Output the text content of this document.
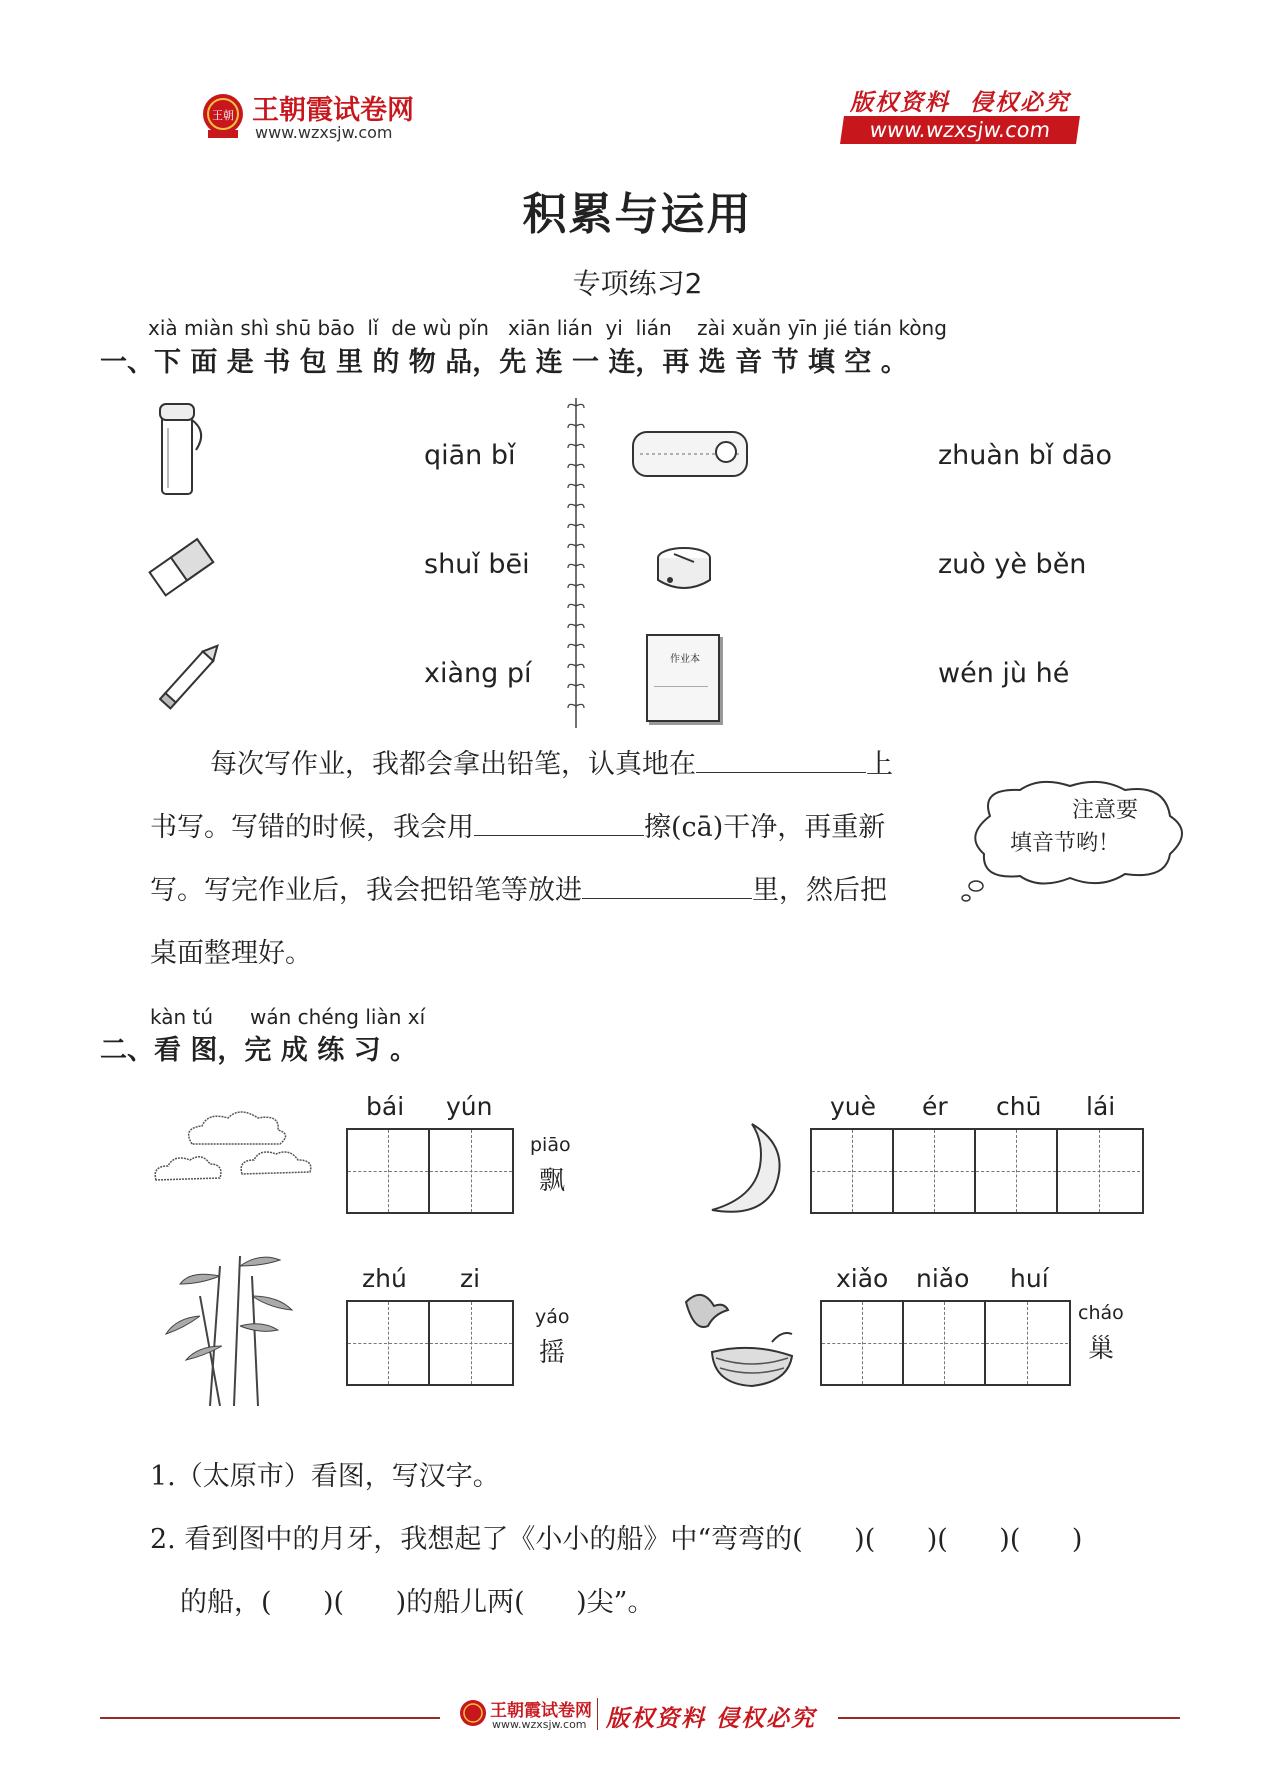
王朝 王朝霞试卷网
www.wzxsjw.com
版权资料  侵权必究
www.wzxsjw.com
积累与运用
专项练习2
xià miàn shì shū bāo lǐ de wù pǐn xiān lián yi lián zài xuǎn yīn jié tián kòng
一、下 面 是 书 包 里 的 物 品，先 连 一 连，再 选 音 节 填 空 。
作业本
qiān bǐ
shuǐ bēi
xiàng pí
zhuàn bǐ dāo
zuò yè běn
wén jù hé
每次写作业，我都会拿出铅笔，认真地在	上
书写。写错的时候，我会用	擦(cā)干净，再重新
写。写完作业后，我会把铅笔等放进	里，然后把
桌面整理好。
注意要
填音节哟！
kàn tú wán chéng liàn xí
二、看 图，完 成 练 习 。
bái yún
piāo
飘
yuè ér chū lái
zhú zi
yáo
摇
xiǎo niǎo huí
cháo
巢
1.（太原市）看图，写汉字。
2. 看到图中的月牙，我想起了《小小的船》中“弯弯的(      )(      )(      )(      )
的船，(      )(      )的船儿两(      )尖”。
王朝霞试卷网
www.wzxsjw.com 版权资料 侵权必究
